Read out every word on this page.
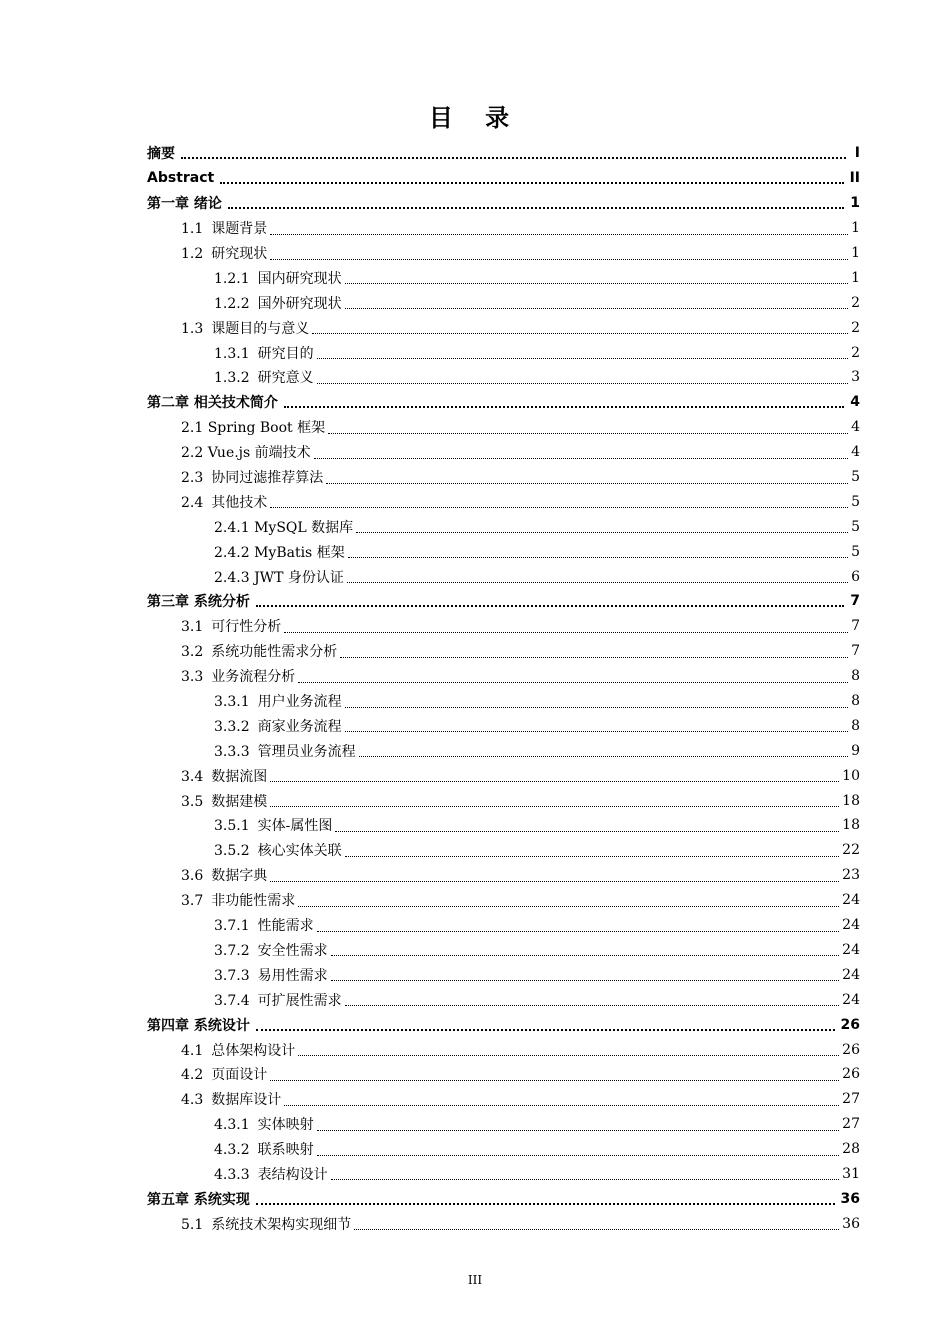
目 录
摘要	I
Abstract	II
第一章 绪论	1
1.1 课题背景	1
1.2 研究现状	1
1.2.1 国内研究现状	1
1.2.2 国外研究现状	2
1.3 课题目的与意义	2
1.3.1 研究目的	2
1.3.2 研究意义	3
第二章 相关技术简介	4
2.1 Spring Boot 框架	4
2.2 Vue.js 前端技术	4
2.3 协同过滤推荐算法	5
2.4 其他技术	5
2.4.1 MySQL 数据库	5
2.4.2 MyBatis 框架	5
2.4.3 JWT 身份认证	6
第三章 系统分析	7
3.1 可行性分析	7
3.2 系统功能性需求分析	7
3.3 业务流程分析	8
3.3.1 用户业务流程	8
3.3.2 商家业务流程	8
3.3.3 管理员业务流程	9
3.4 数据流图	10
3.5 数据建模	18
3.5.1 实体-属性图	18
3.5.2 核心实体关联	22
3.6 数据字典	23
3.7 非功能性需求	24
3.7.1 性能需求	24
3.7.2 安全性需求	24
3.7.3 易用性需求	24
3.7.4 可扩展性需求	24
第四章 系统设计	26
4.1 总体架构设计	26
4.2 页面设计	26
4.3 数据库设计	27
4.3.1 实体映射	27
4.3.2 联系映射	28
4.3.3 表结构设计	31
第五章 系统实现	36
5.1 系统技术架构实现细节	36
III
